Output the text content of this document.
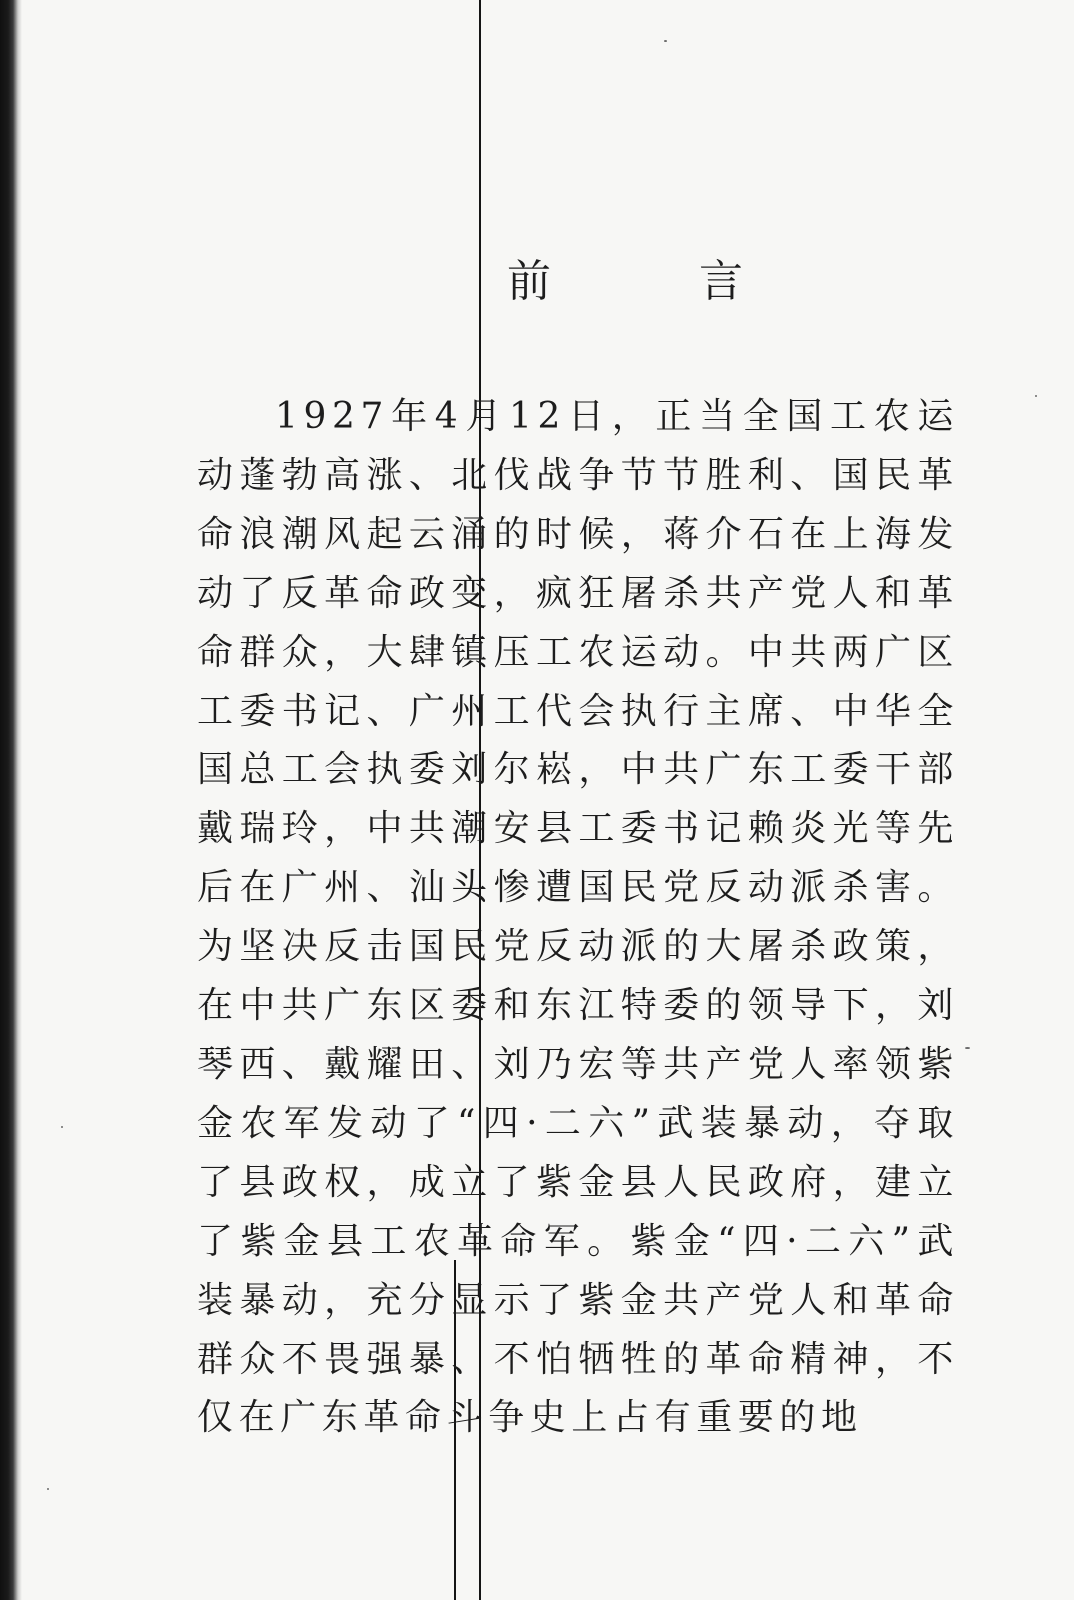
前　言

1927年4月12日，正当全国工农运动蓬勃高涨、北伐战争节节胜利、国民革命浪潮风起云涌的时候，蒋介石在上海发动了反革命政变，疯狂屠杀共产党人和革命群众，大肆镇压工农运动。中共两广区工委书记、广州工代会执行主席、中华全国总工会执委刘尔崧，中共广东工委干部戴瑞玲，中共潮安县工委书记赖炎光等先后在广州、汕头惨遭国民党反动派杀害。为坚决反击国民党反动派的大屠杀政策，在中共广东区委和东江特委的领导下，刘琴西、戴耀田、刘乃宏等共产党人率领紫金农军发动了“四·二六”武装暴动，夺取了县政权，成立了紫金县人民政府，建立了紫金县工农革命军。紫金“四·二六”武装暴动，充分显示了紫金共产党人和革命群众不畏强暴、不怕牺牲的革命精神，不仅在广东革命斗争史上占有重要的地
